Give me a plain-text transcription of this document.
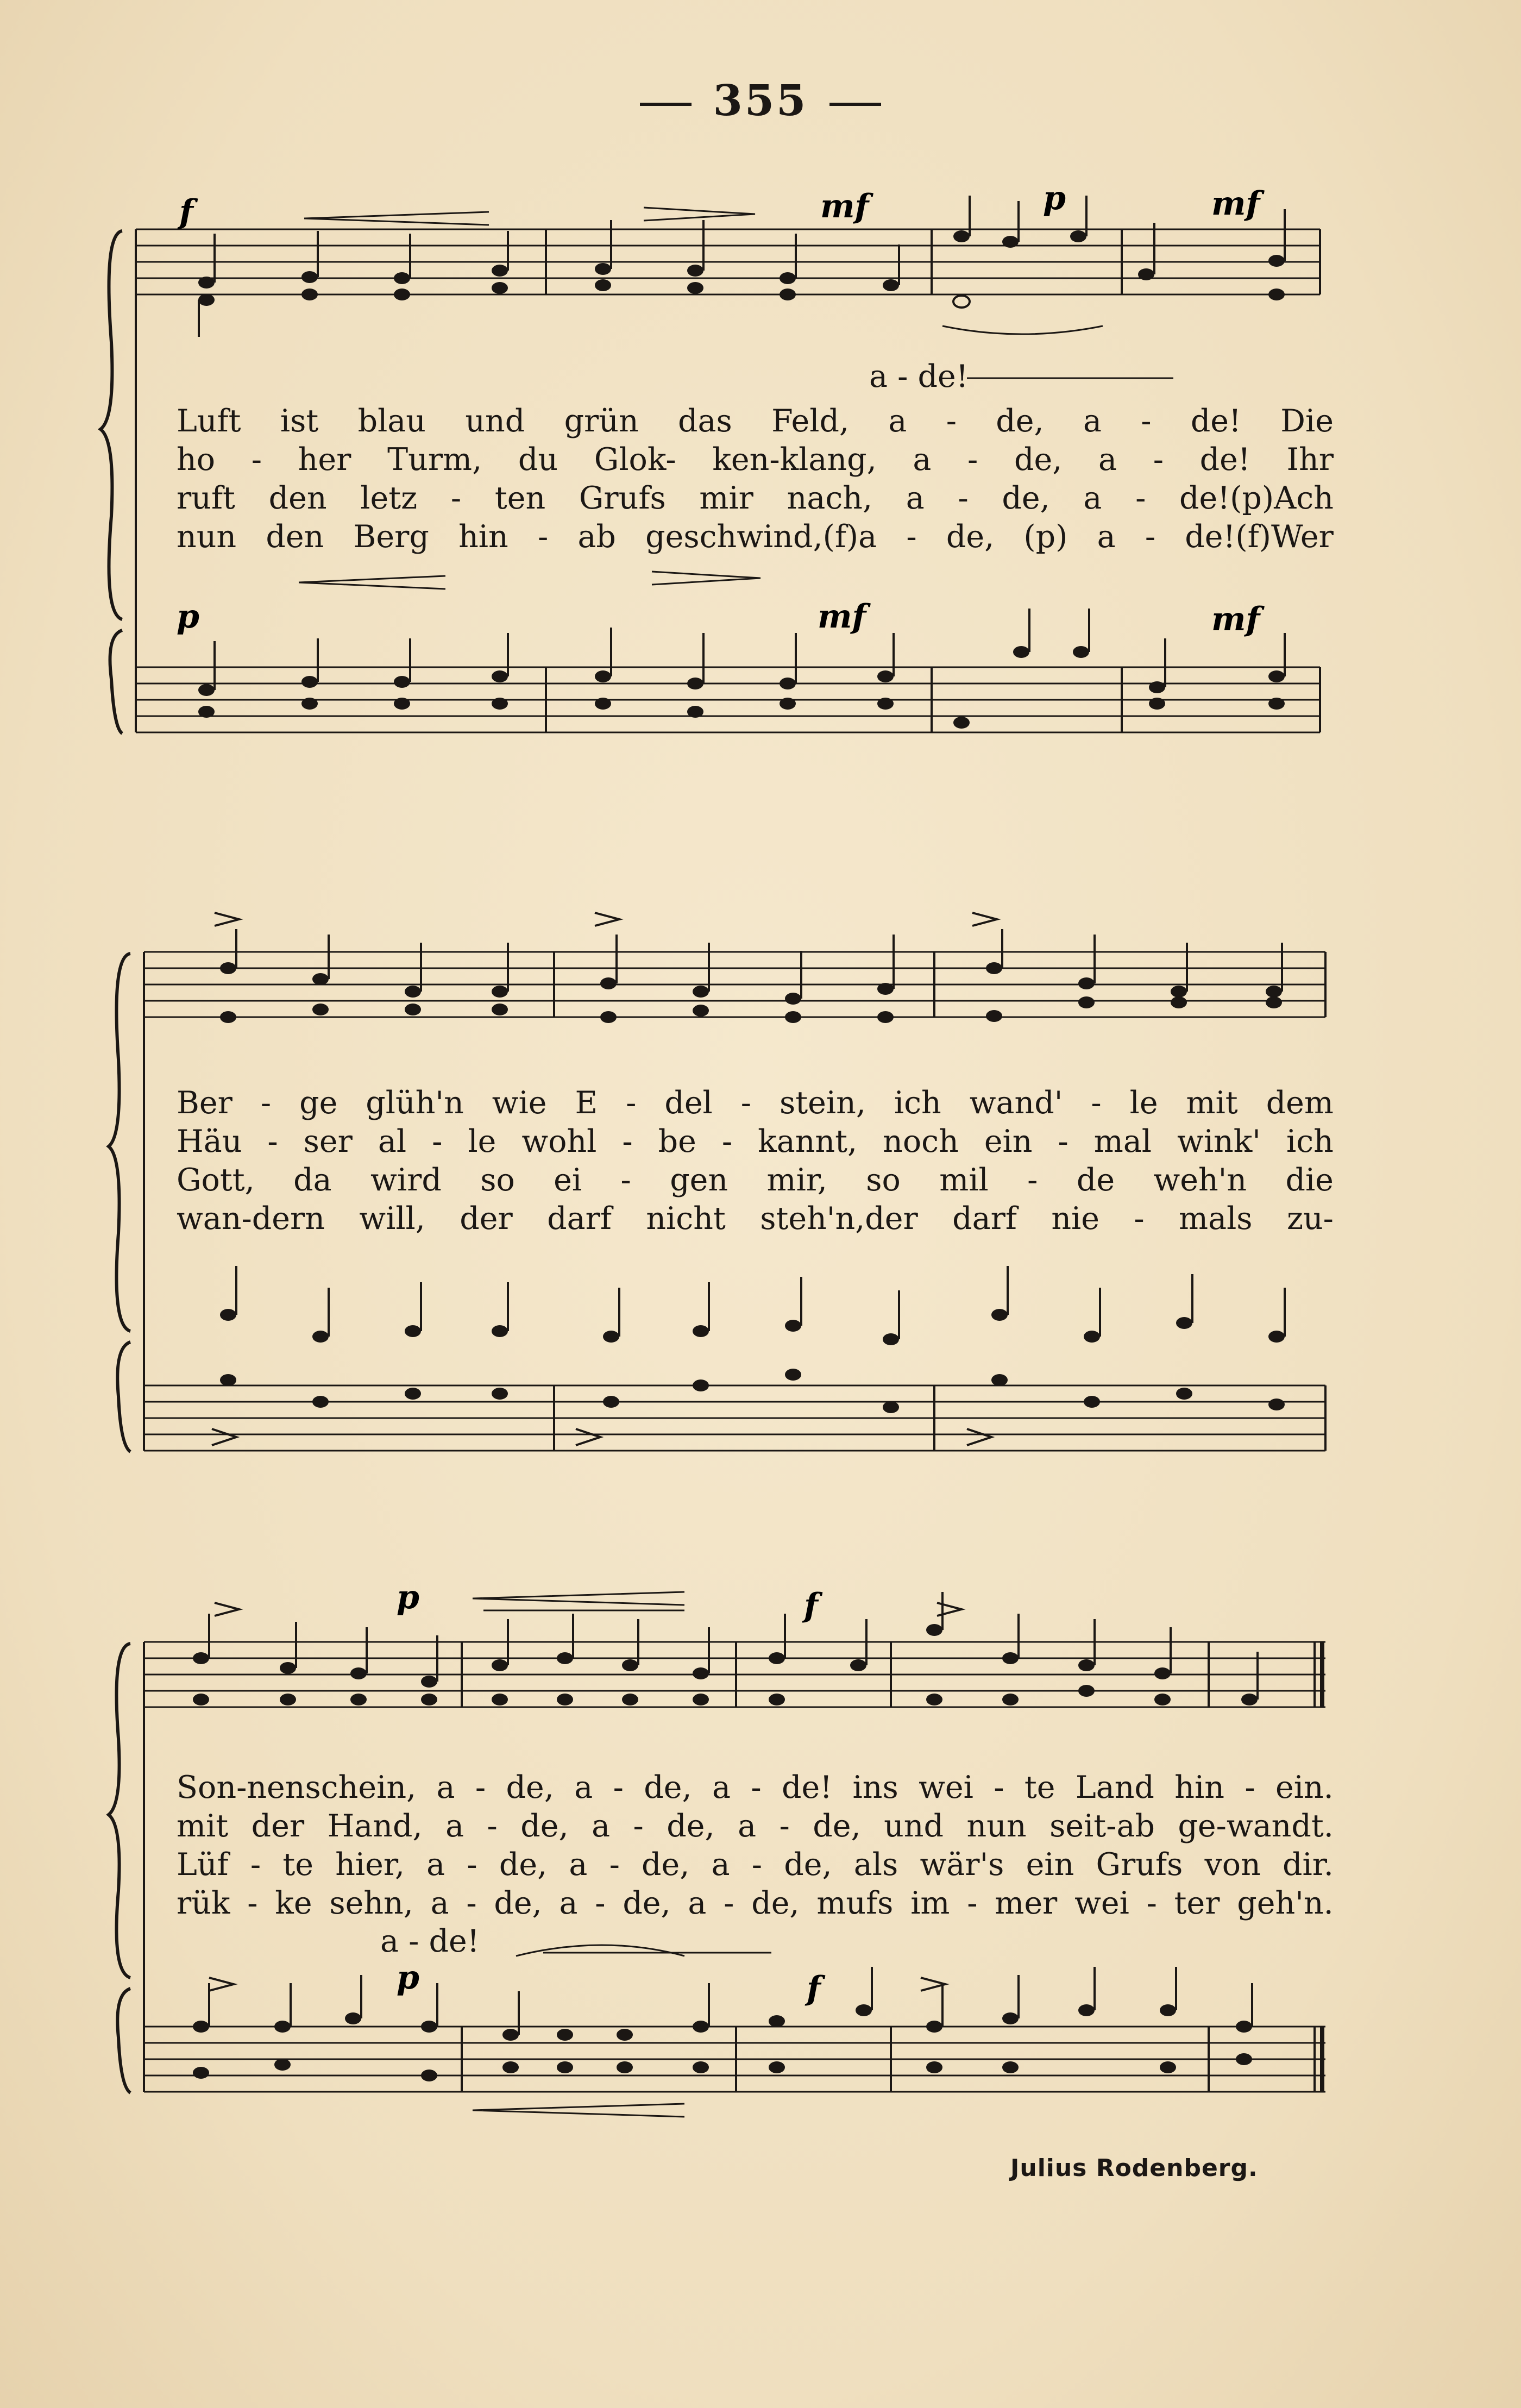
355
f	mf	p	mf
p	mf	mf
a - de!
Luft ist blau und grün das Feld, a - de, a - de! Die
ho - her Turm, du Glok- ken-klang, a - de, a - de! Ihr
ruft den letz - ten Grufs mir nach, a - de, a - de!(p)Ach
nun den Berg hin - ab geschwind,(f)a - de, (p) a - de!(f)Wer
Ber - ge glüh'n wie E - del - stein, ich wand' - le mit dem
Häu - ser al - le wohl - be - kannt, noch ein - mal wink' ich
Gott, da wird so ei - gen mir, so mil - de weh'n die
wan-dern will, der darf nicht steh'n,der darf nie - mals zu-
p	f
p	f
Son-nenschein, a - de, a - de, a - de! ins wei - te Land hin - ein.
mit der Hand, a - de, a - de, a - de, und nun seit-ab ge-wandt.
Lüf - te hier, a - de, a - de, a - de, als wär's ein Grufs von dir.
rük - ke sehn, a - de, a - de, a - de, mufs im - mer wei - ter geh'n.
a - de!
Julius Rodenberg.
